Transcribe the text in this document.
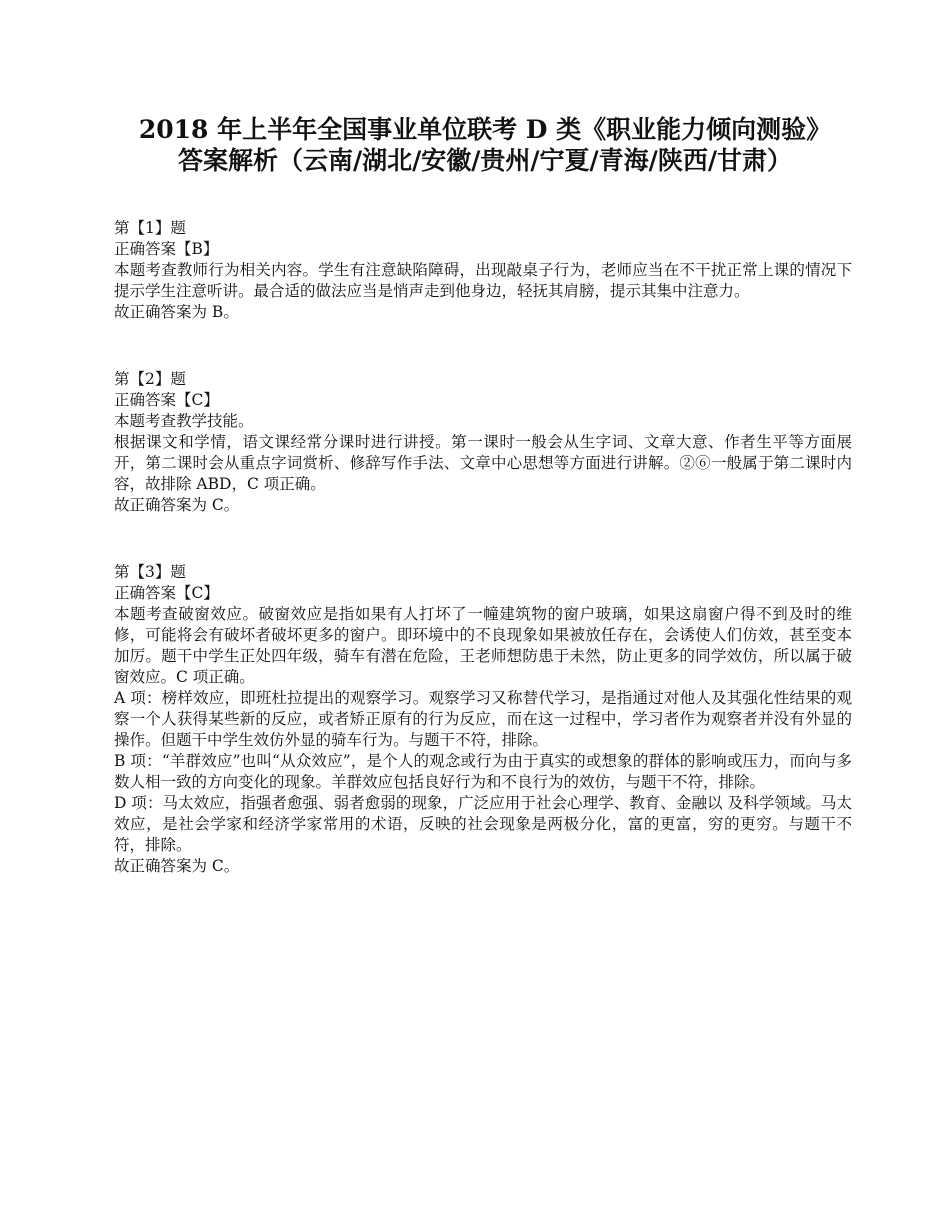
2018 年上半年全国事业单位联考 D 类《职业能力倾向测验》
答案解析（云南/湖北/安徽/贵州/宁夏/青海/陕西/甘肃）
第【1】题
正确答案【B】
本题考查教师行为相关内容。学生有注意缺陷障碍，出现敲桌子行为，老师应当在不干扰正常上课的情况下提示学生注意听讲。最合适的做法应当是悄声走到他身边，轻抚其肩膀，提示其集中注意力。
故正确答案为 B。
第【2】题
正确答案【C】
本题考查教学技能。
根据课文和学情，语文课经常分课时进行讲授。第一课时一般会从生字词、文章大意、作者生平等方面展开，第二课时会从重点字词赏析、修辞写作手法、文章中心思想等方面进行讲解。②⑥一般属于第二课时内容，故排除 ABD，C 项正确。
故正确答案为 C。
第【3】题
正确答案【C】
本题考查破窗效应。破窗效应是指如果有人打坏了一幢建筑物的窗户玻璃，如果这扇窗户得不到及时的维修，可能将会有破坏者破坏更多的窗户。即环境中的不良现象如果被放任存在，会诱使人们仿效，甚至变本加厉。题干中学生正处四年级，骑车有潜在危险，王老师想防患于未然，防止更多的同学效仿，所以属于破窗效应。C 项正确。
A 项：榜样效应，即班杜拉提出的观察学习。观察学习又称替代学习，是指通过对他人及其强化性结果的观察一个人获得某些新的反应，或者矫正原有的行为反应，而在这一过程中，学习者作为观察者并没有外显的操作。但题干中学生效仿外显的骑车行为。与题干不符，排除。
B 项：“羊群效应”也叫“从众效应”，是个人的观念或行为由于真实的或想象的群体的影响或压力，而向与多数人相一致的方向变化的现象。羊群效应包括良好行为和不良行为的效仿，与题干不符，排除。
D 项：马太效应，指强者愈强、弱者愈弱的现象，广泛应用于社会心理学、教育、金融以 及科学领域。马太效应，是社会学家和经济学家常用的术语，反映的社会现象是两极分化，富的更富，穷的更穷。与题干不符，排除。
故正确答案为 C。
